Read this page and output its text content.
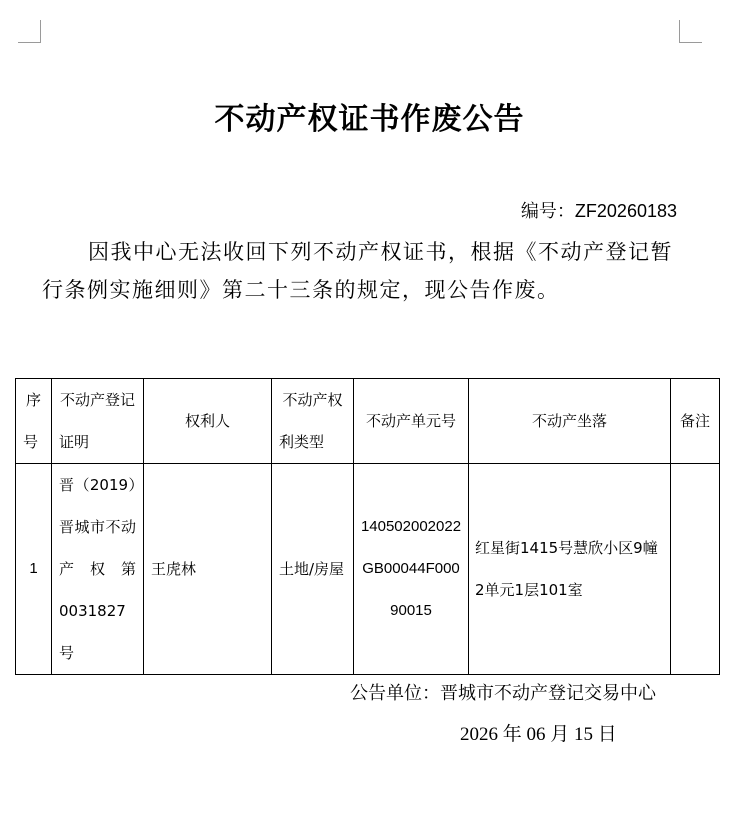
不动产权证书作废公告
编号：ZF20260183
因我中心无法收回下列不动产权证书，根据《不动产登记暂行条例实施细则》第二十三条的规定，现公告作废。
序号	不动产登记证明	权利人	不动产权利类型	不动产单元号	不动产坐落	备注
1	晋（2019）晋城市不动产权第0031827号	王虎林	土地/房屋	140502002022GB00044F00090015	红星街1415号慧欣小区9幢2单元1层101室	
公告单位：晋城市不动产登记交易中心
2026 年 06 月 15 日
